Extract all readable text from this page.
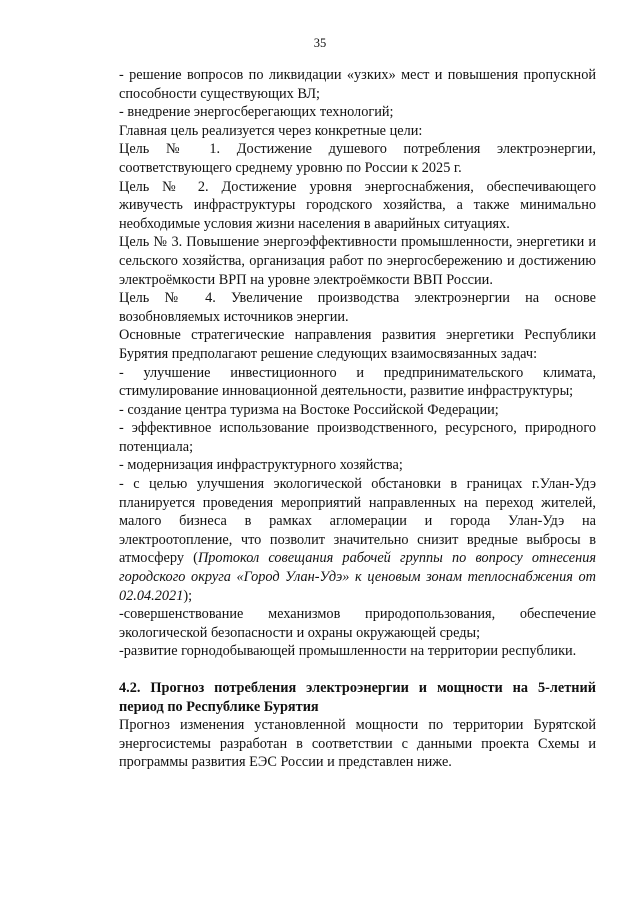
35

- решение вопросов по ликвидации «узких» мест и повышения пропускной способности существующих ВЛ;

- внедрение энергосберегающих технологий;

Главная цель реализуется через конкретные цели:

Цель № 1. Достижение душевого потребления электроэнергии, соответствующего среднему уровню по России к 2025 г.

Цель № 2. Достижение уровня энергоснабжения, обеспечивающего живучесть инфраструктуры городского хозяйства, а также минимально необходимые условия жизни населения в аварийных ситуациях.

Цель № 3. Повышение энергоэффективности промышленности, энергетики и сельского хозяйства, организация работ по энергосбережению и достижению электроёмкости ВРП на уровне электроёмкости ВВП России.

Цель № 4. Увеличение производства электроэнергии на основе возобновляемых источников энергии.

Основные стратегические направления развития энергетики Республики Бурятия предполагают решение следующих взаимосвязанных задач:

- улучшение инвестиционного и предпринимательского климата, стимулирование инновационной деятельности, развитие инфраструктуры;

- создание центра туризма на Востоке Российской Федерации;

- эффективное использование производственного, ресурсного, природного потенциала;

- модернизация инфраструктурного хозяйства;

- с целью улучшения экологической обстановки в границах г.Улан-Удэ планируется проведения мероприятий направленных на переход жителей, малого бизнеса в рамках агломерации и города Улан-Удэ на электроотопление, что позволит значительно снизит вредные выбросы в атмосферу (Протокол совещания рабочей группы по вопросу отнесения городского округа «Город Улан-Удэ» к ценовым зонам теплоснабжения от 02.04.2021);

-совершенствование механизмов природопользования, обеспечение экологической безопасности и охраны окружающей среды;

-развитие горнодобывающей промышленности на территории республики.

4.2. Прогноз потребления электроэнергии и мощности на 5-летний период по Республике Бурятия

Прогноз изменения установленной мощности по территории Бурятской энергосистемы разработан в соответствии с данными проекта Схемы и программы развития ЕЭС России и представлен ниже.
